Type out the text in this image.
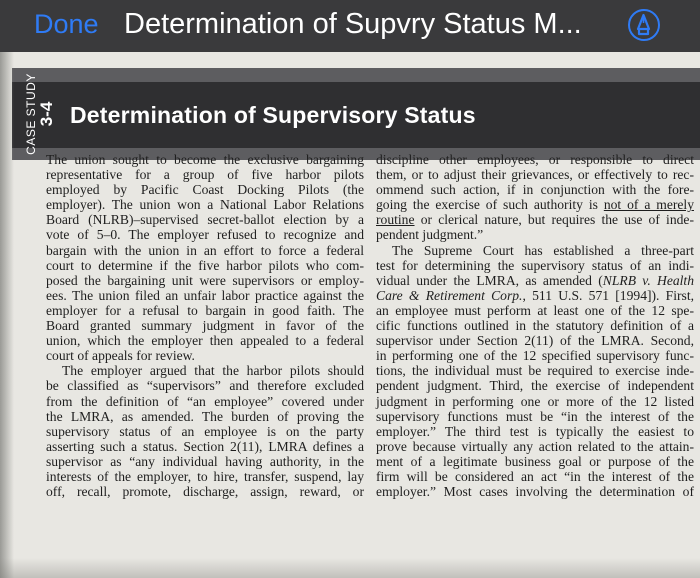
Done Determination of Supvry Status M...
CASE STUDY 3-4 Determination of Supervisory Status
The union sought to become the exclusive bargaining
representative for a group of five harbor pilots
employed by Pacific Coast Docking Pilots (the
employer). The union won a National Labor Relations
Board (NLRB)–supervised secret-ballot election by a
vote of 5–0. The employer refused to recognize and
bargain with the union in an effort to force a federal
court to determine if the five harbor pilots who com-
posed the bargaining unit were supervisors or employ-
ees. The union filed an unfair labor practice against the
employer for a refusal to bargain in good faith. The
Board granted summary judgment in favor of the
union, which the employer then appealed to a federal
court of appeals for review.
The employer argued that the harbor pilots should
be classified as “supervisors” and therefore excluded
from the definition of “an employee” covered under
the LMRA, as amended. The burden of proving the
supervisory status of an employee is on the party
asserting such a status. Section 2(11), LMRA defines a
supervisor as “any individual having authority, in the
interests of the employer, to hire, transfer, suspend, lay
off, recall, promote, discharge, assign, reward, or
discipline other employees, or responsible to direct
them, or to adjust their grievances, or effectively to rec-
ommend such action, if in conjunction with the fore-
going the exercise of such authority is not of a merely
routine or clerical nature, but requires the use of inde-
pendent judgment.”
The Supreme Court has established a three-part
test for determining the supervisory status of an indi-
vidual under the LMRA, as amended (NLRB v. Health
Care & Retirement Corp., 511 U.S. 571 [1994]). First,
an employee must perform at least one of the 12 spe-
cific functions outlined in the statutory definition of a
supervisor under Section 2(11) of the LMRA. Second,
in performing one of the 12 specified supervisory func-
tions, the individual must be required to exercise inde-
pendent judgment. Third, the exercise of independent
judgment in performing one or more of the 12 listed
supervisory functions must be “in the interest of the
employer.” The third test is typically the easiest to
prove because virtually any action related to the attain-
ment of a legitimate business goal or purpose of the
firm will be considered an act “in the interest of the
employer.” Most cases involving the determination of
